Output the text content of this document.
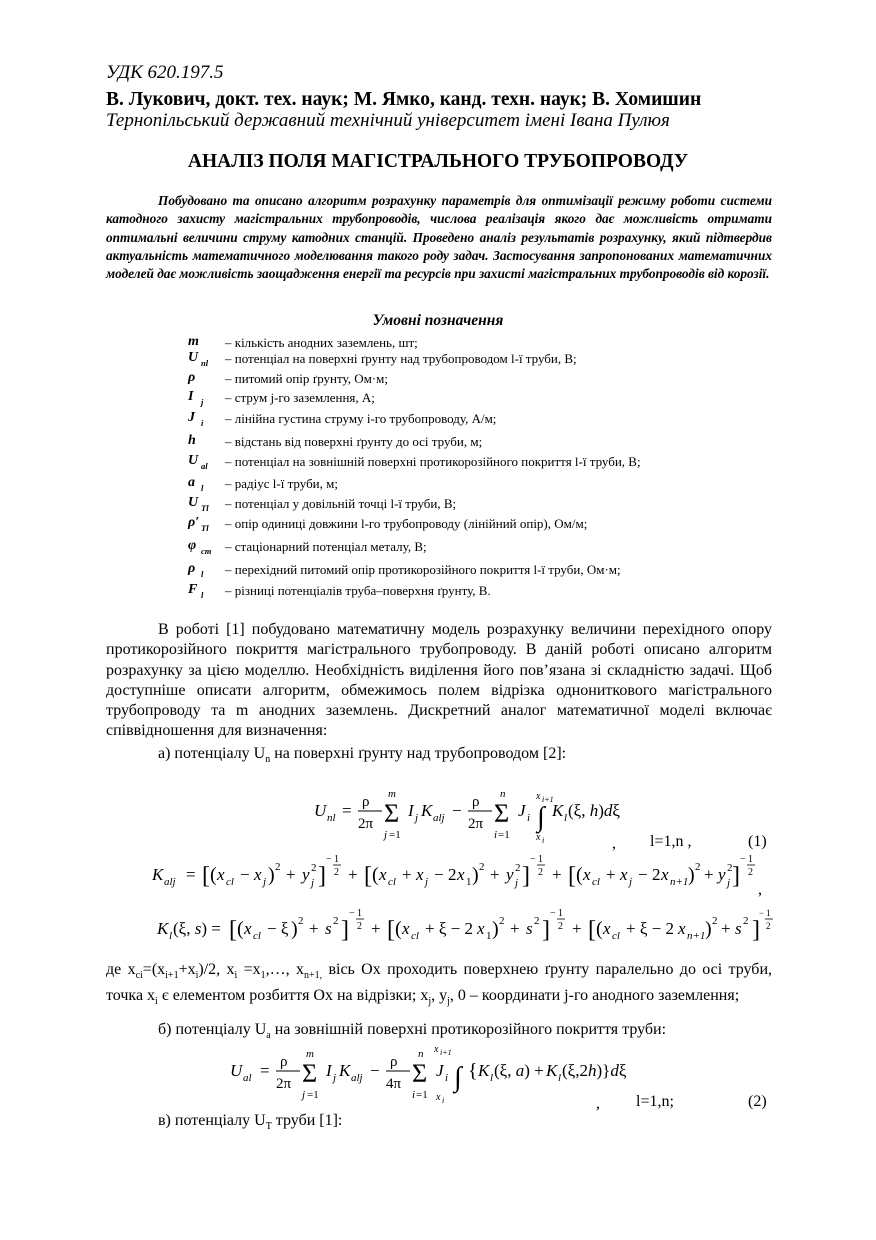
УДК 620.197.5
В. Лукович, докт. тех. наук; М. Ямко, канд. техн. наук; В. Хомишин
Тернопільський державний технічний університет імені Івана Пулюя
АНАЛІЗ ПОЛЯ МАГІСТРАЛЬНОГО ТРУБОПРОВОДУ

Побудовано та описано алгоритм розрахунку параметрів для оптимізації режиму роботи системи катодного захисту магістральних трубопроводів, числова реалізація якого дає можливість отримати оптимальні величини струму катодних станцій. Проведено аналіз результатів розрахунку, який підтвердив актуальність математичного моделювання такого роду задач. Застосування запропонованих математичних моделей дає можливість заощадження енергії та ресурсів при захисті магістральних трубопроводів від корозії.

Умовні позначення
m – кількість анодних заземлень, шт;
U nl – потенціал на поверхні ґрунту над трубопроводом l-ї труби, В;
ρ – питомий опір ґрунту, Ом·м;
I j – струм j-го заземлення, А;
J i – лінійна густина струму i-го трубопроводу, А/м;
h – відстань від поверхні ґрунту до осі труби, м;
U al – потенціал на зовнішній поверхні протикорозійного покриття l-ї труби, В;
a l – радіус l-ї труби, м;
U Tl – потенціал у довільній точці l-ї труби, В;
ρ′ Tl – опір одиниці довжини l-го трубопроводу (лінійний опір), Ом/м;
φ ст – стаціонарний потенціал металу, В;
ρ l – перехідний питомий опір протикорозійного покриття l-ї труби, Ом·м;
F l – різниці потенціалів труба–поверхня ґрунту, В.

В роботі [1] побудовано математичну модель розрахунку величини перехідного опору протикорозійного покриття магістрального трубопроводу. В даній роботі описано алгоритм розрахунку за цією моделлю. Необхідність виділення його пов’язана зі складністю задачі. Щоб доступніше описати алгоритм, обмежимось полем відрізка однониткового магістрального трубопроводу та m анодних заземлень. Дискретний аналог математичної моделі включає співвідношення для визначення:

а) потенціалу $U_n$ на поверхні ґрунту над трубопроводом [2]:

U nl = ρ
2π
m
Σ
j =1
I j K alj − ρ
2π
n
Σ
i =1
J i
x i+1
∫
x i
K l (ξ, h)dξ
, l=1,n ,	(1)
K alj = [ ( x cl − x j ) 2 + y j
2 ]
− 1
2 + [ ( x cl + x j − 2 x 1 ) 2 + y j
2 ]
− 1
2 + [ ( x cl + x j − 2 x n+1 ) 2 + y j
2 ]
− 1
2
,
K l (ξ, s) = [ ( x cl − ξ ) 2 + s 2 ]
− 1
2 + [ ( x cl + ξ − 2 x 1 ) 2 + s 2 ]
− 1
2 + [ ( x cl + ξ − 2 x n+1 ) 2 + s 2 ]
− 1
2

де $x_{ci}=(x_{i+1}+x_i)/2$, $x_i$ $=x_1,\dots$, $x_{n+1,}$ вісь Ox проходить поверхнею ґрунту паралельно до осі труби, точка $x_i$ є елементом розбиття Ox на відрізки; $x_j$, $y_j$, 0 – координати j-го анодного заземлення;

б) потенціалу $U_a$ на зовнішній поверхні протикорозійного покриття труби:

U al = ρ
2π
m
Σ
j =1
I j K alj − ρ
4π
n
Σ
i =1
J i
x i+1
∫
x i
{ K l (ξ, a) + K l (ξ,2h)}dξ
, l=1,n;	(2)

в) потенціалу $U_T$ труби [1]:
